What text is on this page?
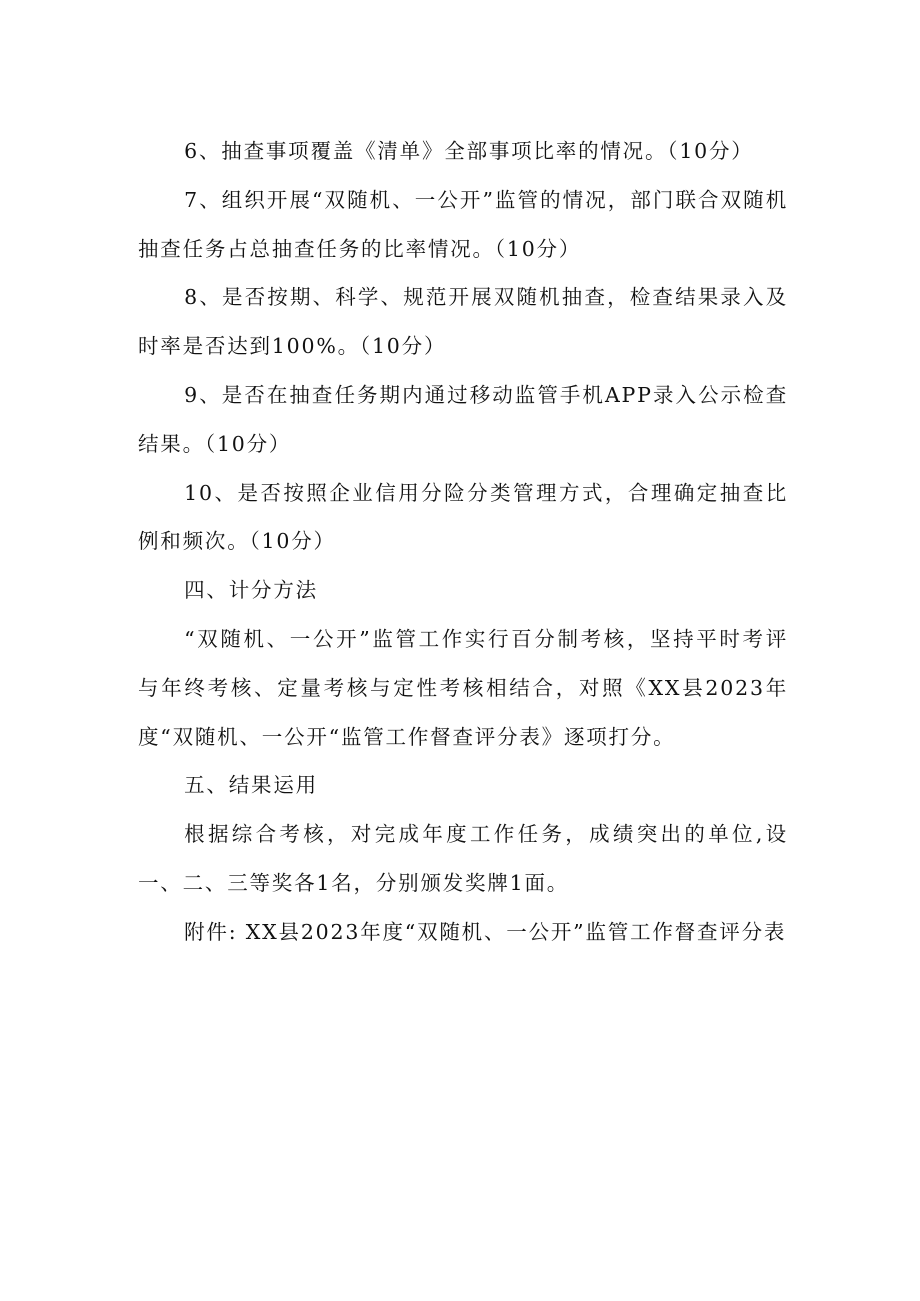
6、抽查事项覆盖《清单》全部事项比率的情况。（10分）

7、组织开展“双随机、一公开”监管的情况，部门联合双随机抽查任务占总抽查任务的比率情况。（10分）

8、是否按期、科学、规范开展双随机抽查，检查结果录入及时率是否达到100%。（10分）

9、是否在抽查任务期内通过移动监管手机APP录入公示检查结果。（10分）

10、是否按照企业信用分险分类管理方式，合理确定抽查比例和频次。（10分）

四、计分方法

“双随机、一公开”监管工作实行百分制考核，坚持平时考评与年终考核、定量考核与定性考核相结合，对照《XX县2023年度“双随机、一公开“监管工作督查评分表》逐项打分。

五、结果运用

根据综合考核，对完成年度工作任务，成绩突出的单位,设一、二、三等奖各1名，分别颁发奖牌1面。

附件: XX县2023年度“双随机、一公开”监管工作督查评分表
